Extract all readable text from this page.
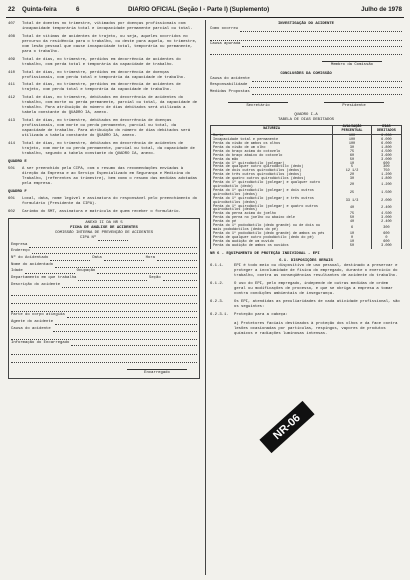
22 Quinta-feira	6	DIARIO OFICIAL (Seção I - Parte I) (Suplemento)	Julho de 1978
407 Total de doentes no trimestre, vitimados por doenças profissionais com incapacidade temporária total e incapacidade permanente parcial ou total.
408 Total de vítimas de acidentes de trajeto, ou seja, aqueles ocorridos no percurso da residência para o trabalho, ou deste para aquela, no trimestre, com lesão pessoal que cause incapacidade total, temporária ou permanente, para o trabalho.
409 Total de dias, no trimestre, perdidos em decorrência de acidentes do trabalho, com perda total e temporária da capacidade de trabalho.
410 Total de dias, no trimestre, perdidos em decorrência de doenças profissionais, com perda total e temporária da capacidade de trabalho.
411 Total de dias, no trimestre, perdidos em decorrência de acidentes de trajeto, com perda total e temporária da capacidade de trabalho.
412 Total de dias, no trimestre, debitados em decorrência de acidentes do trabalho, com morte ou perda permanente, parcial ou total, da capacidade de trabalho. Para atribuição do número de dias debitados será utilizada a tabela constante do QUADRO IA, anexo.
413 Total de dias, no trimestre, debitados em decorrência de doenças profissionais, com morte ou perda permanente, parcial ou total, da capacidade de trabalho. Para atribuição do número de dias debitados será utilizada a tabela constante do QUADRO IA, anexo.
414 Total de dias, no trimestre, debitados em decorrência de acidentes de trajeto, com morte ou perda permanente, parcial ou total, da capacidade de trabalho, segundo a tabela constante do QUADRO IA, anexo.
QUADRO E
501 A ser preenchido pela CIPA, com o resumo das recomendações enviadas à direção da Empresa e ao Serviço Especializado em Segurança e Medicina do Trabalho, (referentes ao trimestre), bem como o resumo das medidas adotadas pela empresa.
QUADRO F
601 Local, data, nome legível e assinatura do responsável pelo preenchimento do formulário (Presidente da CIPA).
602 Carimbo do SMT, assinatura e matrícula de quem receber o formulário.
ANEXO II DA NR 5
FICHA DE ANÁLISE DE ACIDENTES
COMISSÃO INTERNA DE PREVENÇÃO DE ACIDENTES
CIPA Nº
Empresa
Endereço
Nº do Acidentado	Data	Hora
Nome do acidentado
Idade	Ocupação
Departamento em que trabalha	Seção
Descrição do acidente
Parte do corpo atingida
Agente do acidente
Causa do acidente
Informação do Encarregado
Encarregado
INVESTIGAÇÃO DO ACIDENTE
Como ocorreu
Causa apurada
Membro da Comissão
CONCLUSÕES DA COMISSÃO
Causa do acidente
Responsabilidade
Medidas Propostas
Secretário	Presidente
QUADRO I-A
TABELA DE DIAS DEBITADOS
NATUREZA	AVALIAÇÃO PERCENTUAL	DIAS DEBITADOS
Morte	100	6.000
Incapacidade total e permanente	100	6.000
Perda da visão de ambos os olhos	100	6.000
Perda da visão de um olho	30	1.800
Perda do braço acima do cotovelo	75	4.500
Perda do braço abaixo do cotovelo	60	3.600
Perda da mão	50	3.000
Perda do 1º quirodáctilo (polegar)	10	600
Perda de qualquer outro quirodáctilo (dedo)	5	300
Perda de dois outros quirodáctilos (dedos)	12 1/2	750
Perda de três outros quirodáctilos (dedos)	20	1.200
Perda de quatro outros quirodáctilos (dedos)	30	1.800
Perda do 1º quirodáctilo (polegar) e qualquer outro quirodáctilo (dedo)	20	1.200
Perda do 1º quirodáctilo (polegar) e dois outros quirodáctilos (dedos)	25	1.500
Perda do 1º quirodáctilo (polegar) e três outros quirodáctilos (dedos)	33 1/3	2.000
Perda do 1º quirodáctilo (polegar) e quatro outros quirodáctilos (dedos)	40	2.400
Perda da perna acima do joelho	75	4.500
Perda da perna no joelho ou abaixo dele	50	3.000
Perda do pé	40	2.400
Perda do 1º pododáctilo (dedo grande) ou de dois ou mais pododáctilos (dedos do pé)	6	300
Perda do 1º pododáctilo (dedo grande) de ambos os pés	10	600
Perda de qualquer outro pododáctilo (dedo do pé)	0	0
Perda da audição de um ouvido	10	600
Perda da audição de ambos os ouvidos	50	3.000
NR 6 - EQUIPAMENTO DE PROTEÇÃO INDIVIDUAL - EPI
6.1. DISPOSIÇÕES GERAIS
6.1.1.	EPI é todo meio ou dispositivo de uso pessoal, destinado a preservar e proteger a incolumidade de física do empregado, durante o exercício do trabalho, contra as conseqüências resultantes de acidente do trabalho.
6.1.2.	O uso do EPI, pelo empregado, independe de outras medidas de ordem geral ou modificações de processo, e que se obriga a empresa a tomar contra condições ambientais de insegurança.
6.2.3.	Os EPI, atendidas as peculiaridades de cada atividade profissional, são os seguintes:
6.2.3.1. Proteção para a cabeça:
a) Protetores faciais destinados à proteção dos olhos e da face contra lesões ocasionadas por partículas, respingos, vapores de produtos químicos e radiações luminosas intensas.
NR-06
